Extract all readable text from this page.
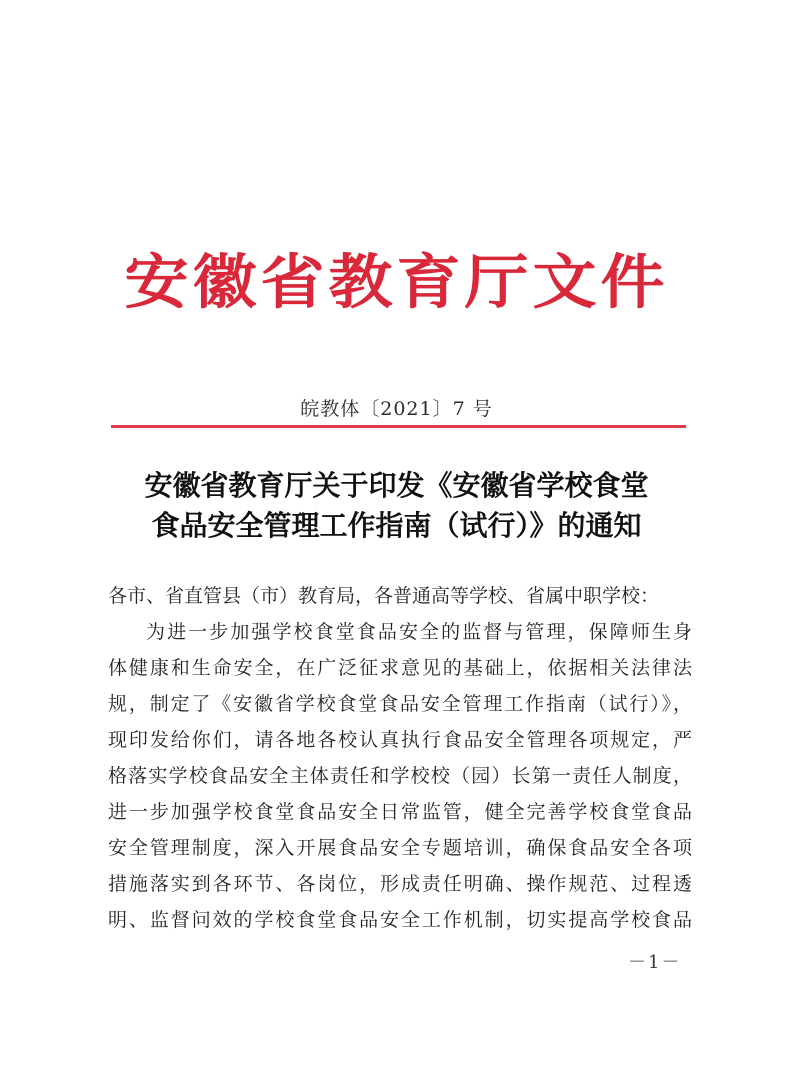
安徽省教育厅文件
皖教体〔2021〕7 号
安徽省教育厅关于印发《安徽省学校食堂
食品安全管理工作指南（试行）》的通知
各市、省直管县（市）教育局，各普通高等学校、省属中职学校：
为进一步加强学校食堂食品安全的监督与管理，保障师生身
体健康和生命安全，在广泛征求意见的基础上，依据相关法律法
规，制定了《安徽省学校食堂食品安全管理工作指南（试行）》，
现印发给你们，请各地各校认真执行食品安全管理各项规定，严
格落实学校食品安全主体责任和学校校（园）长第一责任人制度，
进一步加强学校食堂食品安全日常监管，健全完善学校食堂食品
安全管理制度，深入开展食品安全专题培训，确保食品安全各项
措施落实到各环节、各岗位，形成责任明确、操作规范、过程透
明、监督问效的学校食堂食品安全工作机制，切实提高学校食品
－1－
